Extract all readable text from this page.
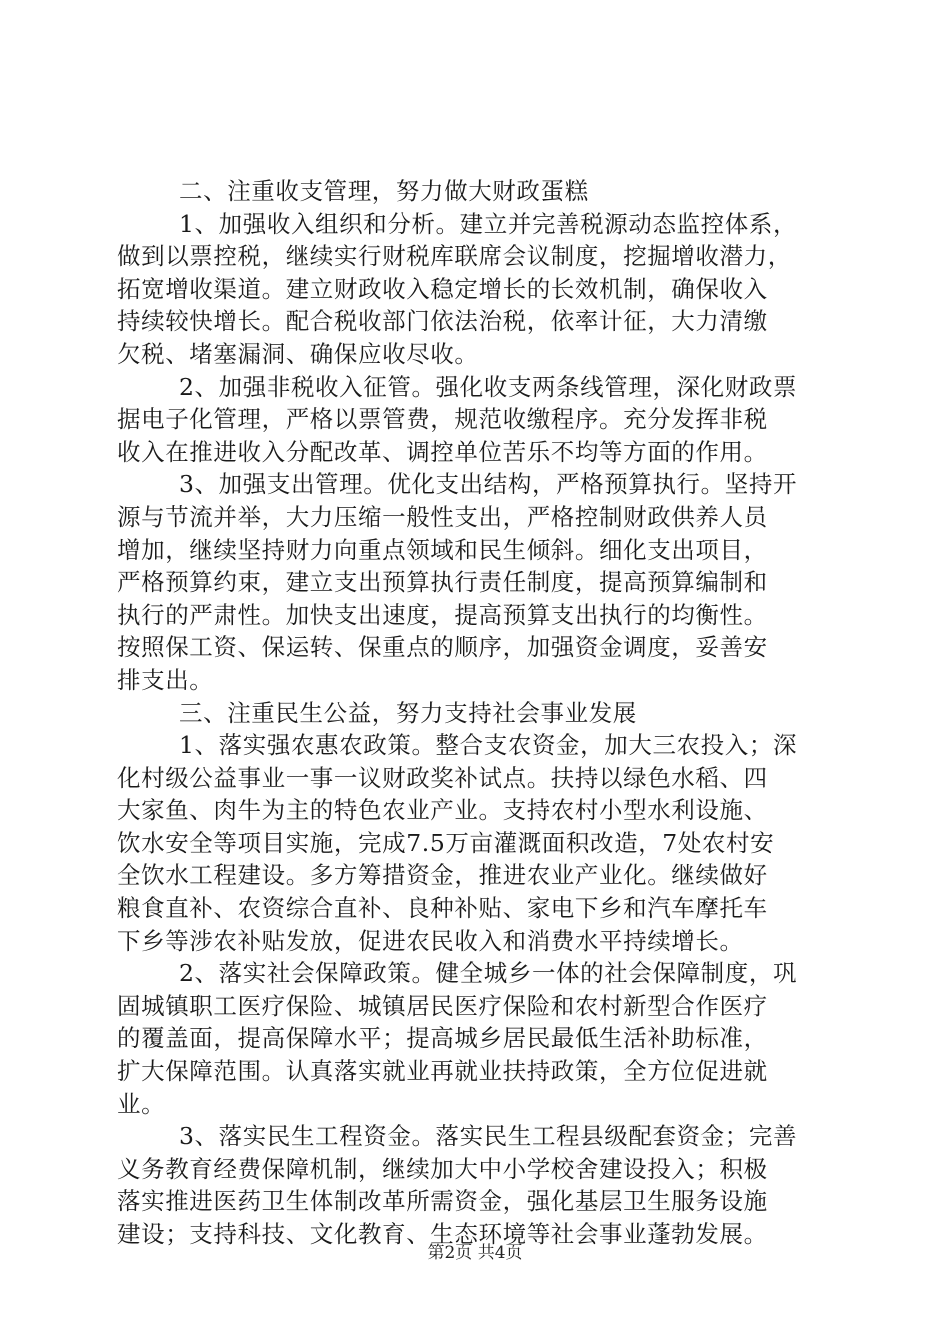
二、注重收支管理，努力做大财政蛋糕
1、加强收入组织和分析。建立并完善税源动态监控体系，
做到以票控税，继续实行财税库联席会议制度，挖掘增收潜力，
拓宽增收渠道。建立财政收入稳定增长的长效机制，确保收入
持续较快增长。配合税收部门依法治税，依率计征，大力清缴
欠税、堵塞漏洞、确保应收尽收。
2、加强非税收入征管。强化收支两条线管理，深化财政票
据电子化管理，严格以票管费，规范收缴程序。充分发挥非税
收入在推进收入分配改革、调控单位苦乐不均等方面的作用。
3、加强支出管理。优化支出结构，严格预算执行。坚持开
源与节流并举，大力压缩一般性支出，严格控制财政供养人员
增加，继续坚持财力向重点领域和民生倾斜。细化支出项目，
严格预算约束，建立支出预算执行责任制度，提高预算编制和
执行的严肃性。加快支出速度，提高预算支出执行的均衡性。
按照保工资、保运转、保重点的顺序，加强资金调度，妥善安
排支出。
三、注重民生公益，努力支持社会事业发展
1、落实强农惠农政策。整合支农资金，加大三农投入；深
化村级公益事业一事一议财政奖补试点。扶持以绿色水稻、四
大家鱼、肉牛为主的特色农业产业。支持农村小型水利设施、
饮水安全等项目实施，完成7.5万亩灌溉面积改造，7处农村安
全饮水工程建设。多方筹措资金，推进农业产业化。继续做好
粮食直补、农资综合直补、良种补贴、家电下乡和汽车摩托车
下乡等涉农补贴发放，促进农民收入和消费水平持续增长。
2、落实社会保障政策。健全城乡一体的社会保障制度，巩
固城镇职工医疗保险、城镇居民医疗保险和农村新型合作医疗
的覆盖面，提高保障水平；提高城乡居民最低生活补助标准，
扩大保障范围。认真落实就业再就业扶持政策，全方位促进就
业。
3、落实民生工程资金。落实民生工程县级配套资金；完善
义务教育经费保障机制，继续加大中小学校舍建设投入；积极
落实推进医药卫生体制改革所需资金，强化基层卫生服务设施
建设；支持科技、文化教育、生态环境等社会事业蓬勃发展。
第2页 共4页
